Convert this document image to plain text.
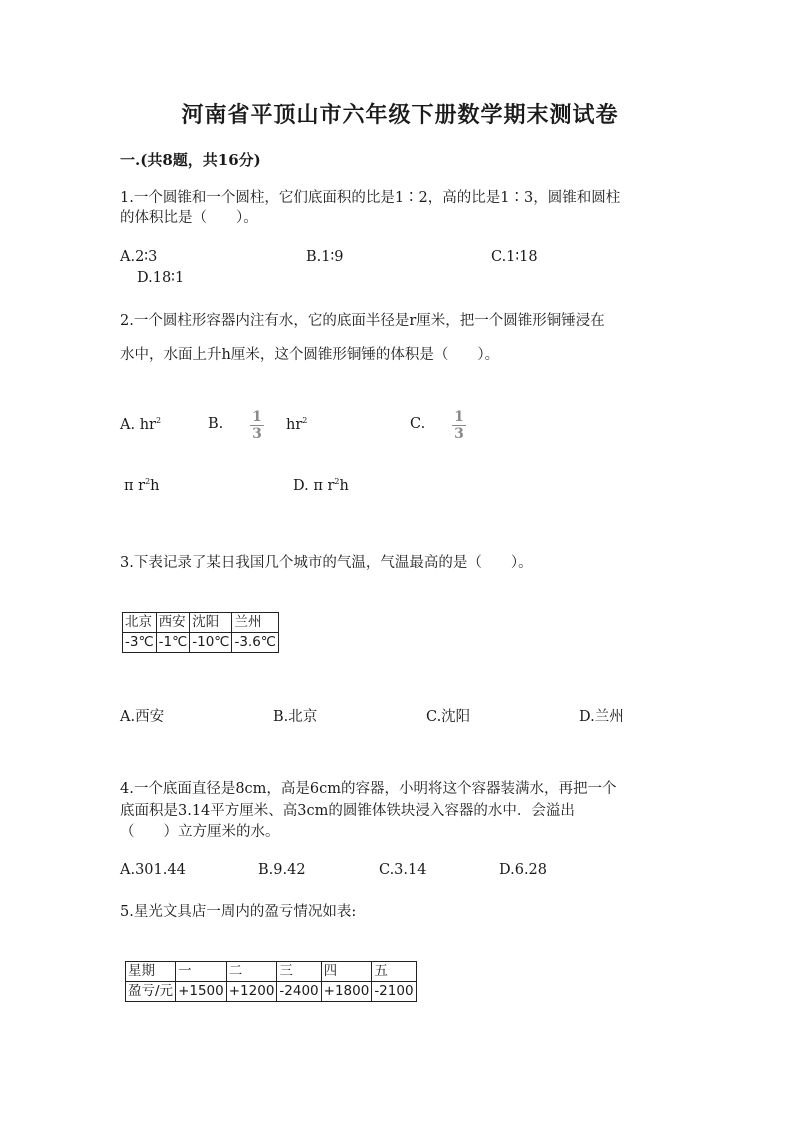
河南省平顶山市六年级下册数学期末测试卷
一.(共8题，共16分)
1.一个圆锥和一个圆柱，它们底面积的比是1∶2，高的比是1∶3，圆锥和圆柱
的体积比是（　　）。
A.2∶3	B.1∶9	C.1∶18
D.18∶1
2.一个圆柱形容器内注有水，它的底面半径是r厘米，把一个圆锥形铜锤浸在
水中，水面上升h厘米，这个圆锥形铜锤的体积是（　　）。
A. $hr^2$	B. 1
3
$hr^2$	C. 1
3
π $r^2h$	D. π $r^2h$
3.下表记录了某日我国几个城市的气温，气温最高的是（　　）。
北京	西安	沈阳	兰州
-3℃	-1℃	-10℃	-3.6℃
A.西安	B.北京	C.沈阳	D.兰州
4.一个底面直径是8cm，高是6cm的容器，小明将这个容器装满水，再把一个
底面积是3.14平方厘米、高3cm的圆锥体铁块浸入容器的水中．会溢出
（　　）立方厘米的水。
A.301.44	B.9.42	C.3.14	D.6.28
5.星光文具店一周内的盈亏情况如表:
星期	一	二	三	四	五
盈亏/元	+1500	+1200	-2400	+1800	-2100
